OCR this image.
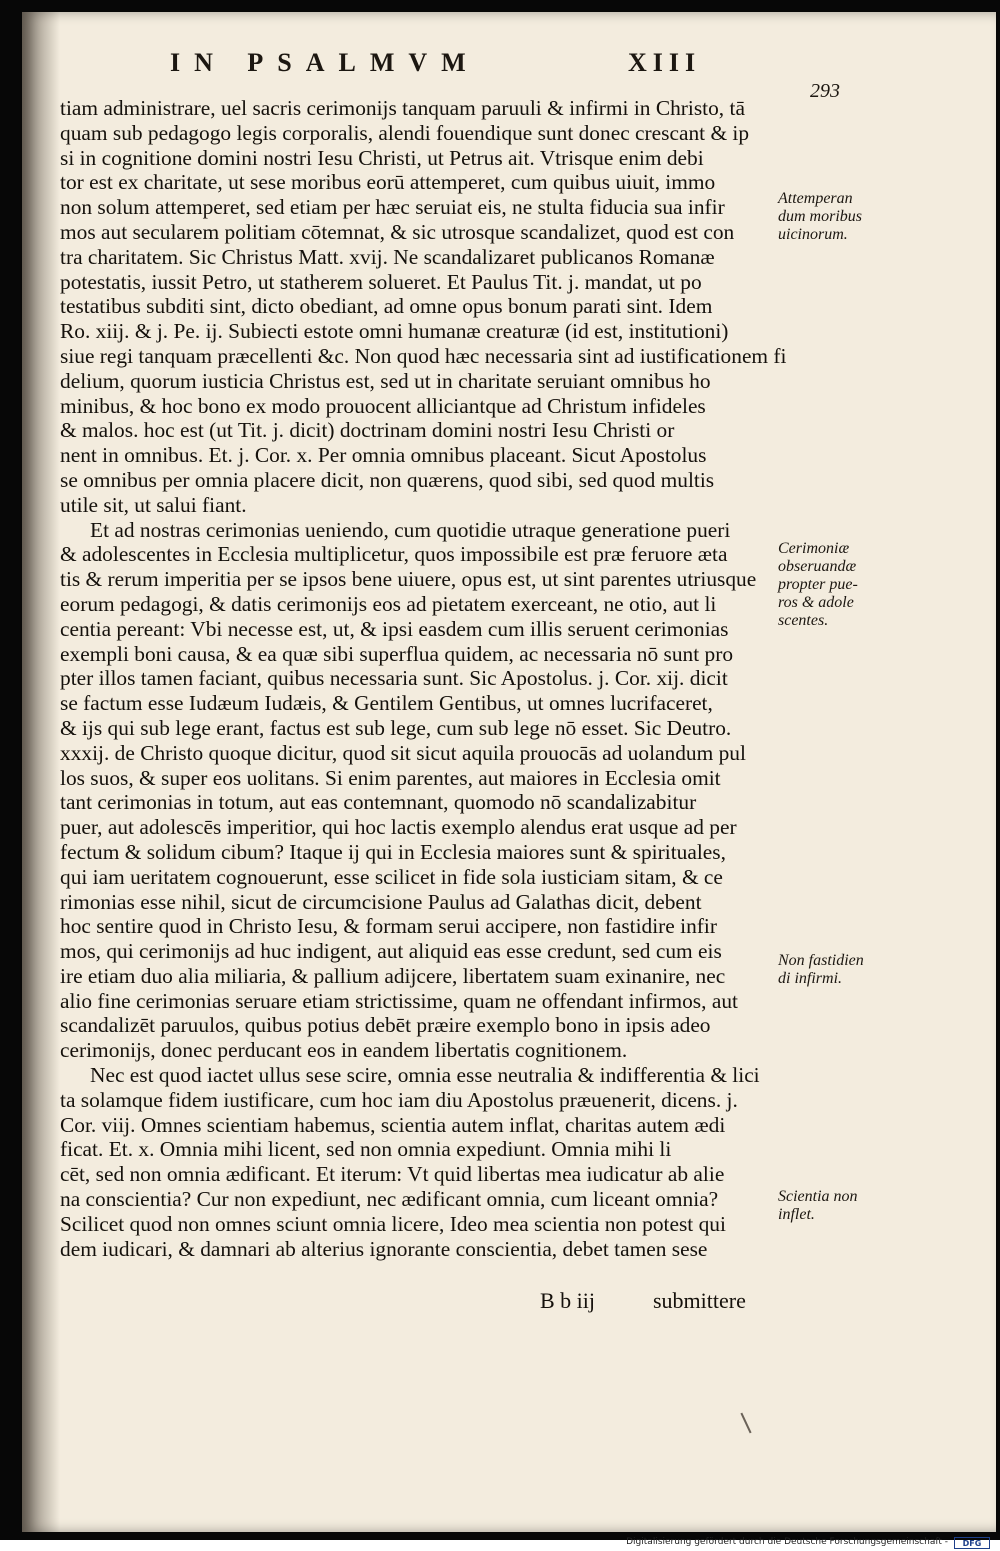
IN PSALMVM	XIII
293
tiam administrare, uel sacris cerimonijs tanquam paruuli & infirmi in Christo, tā
quam sub pedagogo legis corporalis, alendi fouendique sunt donec crescant & ip
si in cognitione domini nostri Iesu Christi, ut Petrus ait. Vtrisque enim debi
tor est ex charitate, ut sese moribus eorū attemperet, cum quibus uiuit, immo
non solum attemperet, sed etiam per hæc seruiat eis, ne stulta fiducia sua infir
mos aut secularem politiam cōtemnat, & sic utrosque scandalizet, quod est con
tra charitatem. Sic Christus Matt. xvij. Ne scandalizaret publicanos Romanæ
potestatis, iussit Petro, ut statherem solueret. Et Paulus Tit. j. mandat, ut po
testatibus subditi sint, dicto obediant, ad omne opus bonum parati sint. Idem
Ro. xiij. & j. Pe. ij. Subiecti estote omni humanæ creaturæ (id est, institutioni)
siue regi tanquam præcellenti &c. Non quod hæc necessaria sint ad iustificationem fi
delium, quorum iusticia Christus est, sed ut in charitate seruiant omnibus ho
minibus, & hoc bono ex modo prouocent alliciantque ad Christum infideles
& malos. hoc est (ut Tit. j. dicit) doctrinam domini nostri Iesu Christi or
nent in omnibus. Et. j. Cor. x. Per omnia omnibus placeant. Sicut Apostolus
se omnibus per omnia placere dicit, non quærens, quod sibi, sed quod multis
utile sit, ut salui fiant.
Et ad nostras cerimonias ueniendo, cum quotidie utraque generatione pueri
& adolescentes in Ecclesia multiplicetur, quos impossibile est præ feruore æta
tis & rerum imperitia per se ipsos bene uiuere, opus est, ut sint parentes utriusque
eorum pedagogi, & datis cerimonijs eos ad pietatem exerceant, ne otio, aut li
centia pereant: Vbi necesse est, ut, & ipsi easdem cum illis seruent cerimonias
exempli boni causa, & ea quæ sibi superflua quidem, ac necessaria nō sunt pro
pter illos tamen faciant, quibus necessaria sunt. Sic Apostolus. j. Cor. xij. dicit
se factum esse Iudæum Iudæis, & Gentilem Gentibus, ut omnes lucrifaceret,
& ijs qui sub lege erant, factus est sub lege, cum sub lege nō esset. Sic Deutro.
xxxij. de Christo quoque dicitur, quod sit sicut aquila prouocās ad uolandum pul
los suos, & super eos uolitans. Si enim parentes, aut maiores in Ecclesia omit
tant cerimonias in totum, aut eas contemnant, quomodo nō scandalizabitur
puer, aut adolescēs imperitior, qui hoc lactis exemplo alendus erat usque ad per
fectum & solidum cibum? Itaque ij qui in Ecclesia maiores sunt & spirituales,
qui iam ueritatem cognouerunt, esse scilicet in fide sola iusticiam sitam, & ce
rimonias esse nihil, sicut de circumcisione Paulus ad Galathas dicit, debent
hoc sentire quod in Christo Iesu, & formam serui accipere, non fastidire infir
mos, qui cerimonijs ad huc indigent, aut aliquid eas esse credunt, sed cum eis
ire etiam duo alia miliaria, & pallium adijcere, libertatem suam exinanire, nec
alio fine cerimonias seruare etiam strictissime, quam ne offendant infirmos, aut
scandalizēt paruulos, quibus potius debēt præire exemplo bono in ipsis adeo
cerimonijs, donec perducant eos in eandem libertatis cognitionem.
Nec est quod iactet ullus sese scire, omnia esse neutralia & indifferentia & lici
ta solamque fidem iustificare, cum hoc iam diu Apostolus præuenerit, dicens. j.
Cor. viij. Omnes scientiam habemus, scientia autem inflat, charitas autem ædi
ficat. Et. x. Omnia mihi licent, sed non omnia expediunt. Omnia mihi li
cēt, sed non omnia ædificant. Et iterum: Vt quid libertas mea iudicatur ab alie
na conscientia? Cur non expediunt, nec ædificant omnia, cum liceant omnia?
Scilicet quod non omnes sciunt omnia licere, Ideo mea scientia non potest qui
dem iudicari, & damnari ab alterius ignorante conscientia, debet tamen sese
B b iij	submittere
Attemperan
dum moribus
uicinorum.
Cerimoniæ
obseruandæ
propter pue-
ros & adole
scentes.
Non fastidien
di infirmi.
Scientia non
inflet.
Digitalisierung gefördert durch die Deutsche Forschungsgemeinschaft -	DFG
